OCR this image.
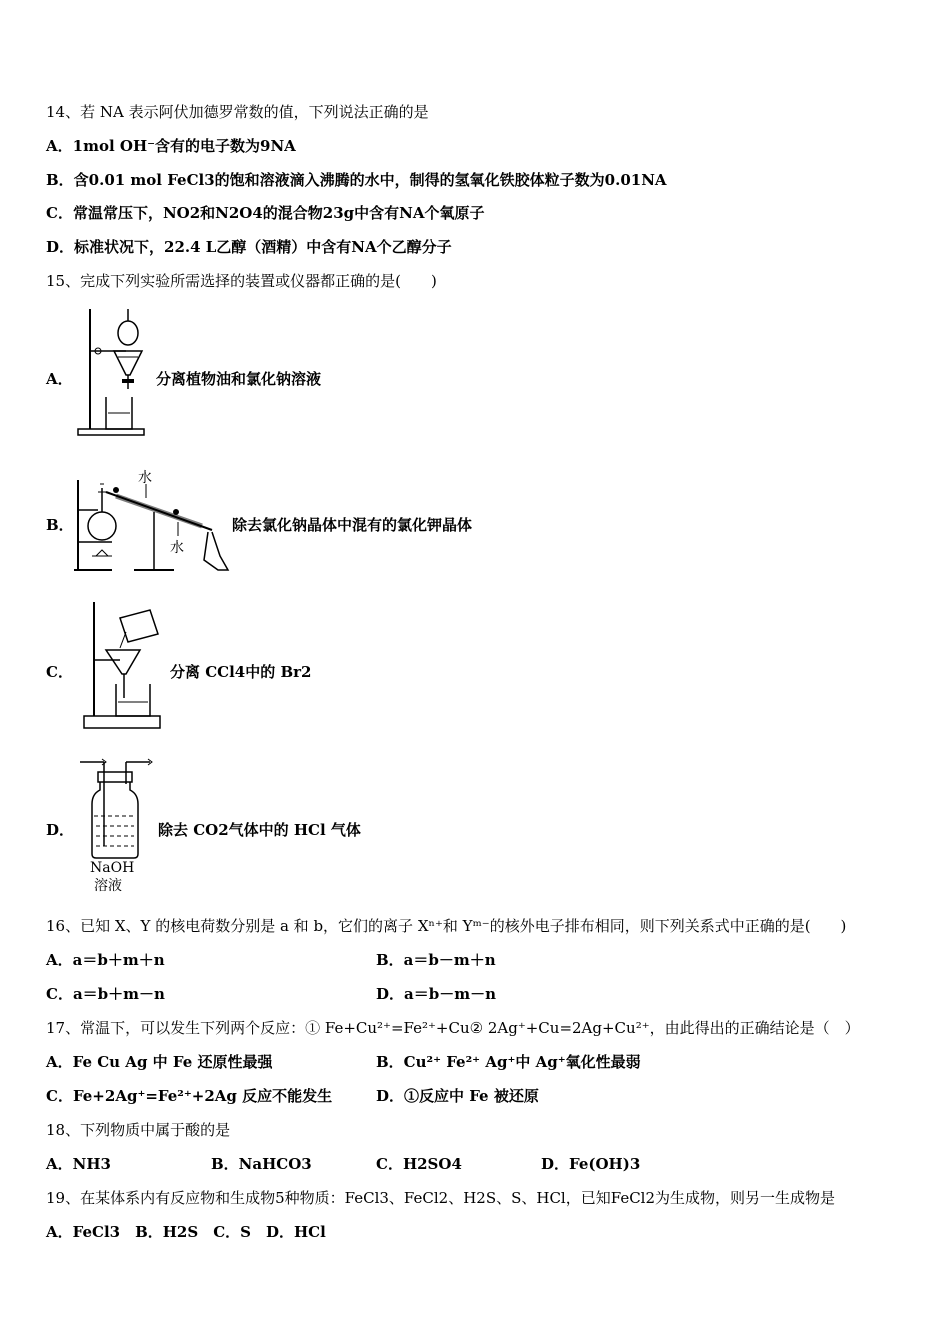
14、若 NA 表示阿伏加德罗常数的值，下列说法正确的是
A．1mol OH⁻含有的电子数为9NA
B．含0.01 mol FeCl3的饱和溶液滴入沸腾的水中，制得的氢氧化铁胶体粒子数为0.01NA
C．常温常压下，NO2和N2O4的混合物23g中含有NA个氧原子
D．标准状况下，22.4 L乙醇（酒精）中含有NA个乙醇分子
15、完成下列实验所需选择的装置或仪器都正确的是(　　)
A．	分离植物油和氯化钠溶液
B．
水
水
除去氯化钠晶体中混有的氯化钾晶体
C．	分离 CCl4中的 Br2
D．
NaOH
溶液
除去 CO2气体中的 HCl 气体
16、已知 X、Y 的核电荷数分别是 a 和 b，它们的离子 Xⁿ⁺和 Yᵐ⁻的核外电子排布相同，则下列关系式中正确的是(　　)
A．a＝b＋m＋n	B．a＝b－m＋n
C．a＝b＋m－n	D．a＝b－m－n
17、常温下，可以发生下列两个反应：① Fe+Cu²⁺=Fe²⁺+Cu② 2Ag⁺+Cu=2Ag+Cu²⁺，由此得出的正确结论是（　）
A．Fe Cu Ag 中 Fe 还原性最强	B．Cu²⁺ Fe²⁺ Ag⁺中 Ag⁺氧化性最弱
C．Fe+2Ag⁺=Fe²⁺+2Ag 反应不能发生	D．①反应中 Fe 被还原
18、下列物质中属于酸的是
A．NH3	B．NaHCO3	C．H2SO4	D．Fe(OH)3
19、在某体系内有反应物和生成物5种物质：FeCl3、FeCl2、H2S、S、HCl，已知FeCl2为生成物，则另一生成物是
A．FeCl3　B．H2S　C．S　D．HCl
